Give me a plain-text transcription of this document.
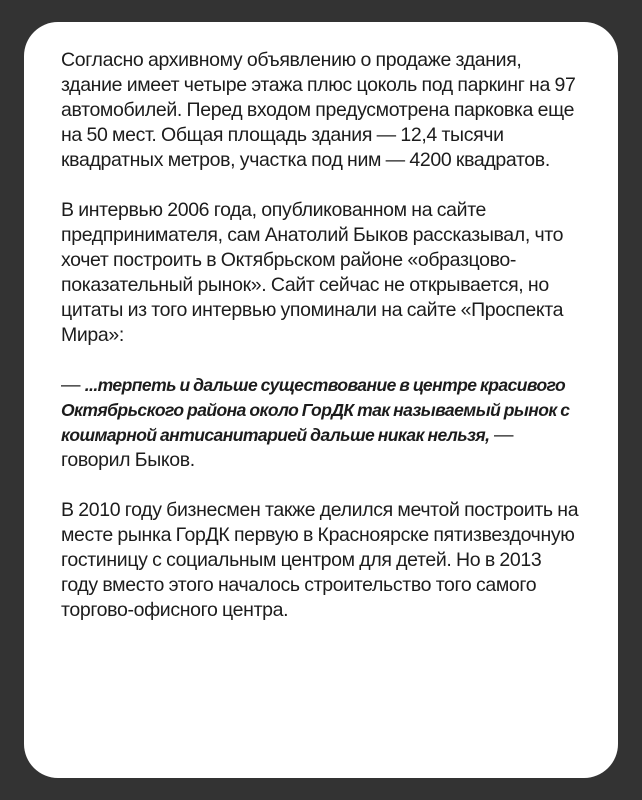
Согласно архивному объявлению о продаже здания, здание имеет четыре этажа плюс цоколь под паркинг на 97 автомобилей. Перед входом предусмотрена парковка еще на 50 мест. Общая площадь здания — 12,4 тысячи квадратных метров, участка под ним — 4200 квадратов.

В интервью 2006 года, опубликованном на сайте предпринимателя, сам Анатолий Быков рассказывал, что хочет построить в Октябрьском районе «образцово-показательный рынок». Сайт сейчас не открывается, но цитаты из того интервью упоминали на сайте «Проспекта Мира»:

— ...терпеть и дальше существование в центре красивого Октябрьского района около ГорДК так называемый рынок с кошмарной антисанитарией дальше никак нельзя, — говорил Быков.

В 2010 году бизнесмен также делился мечтой построить на месте рынка ГорДК первую в Красноярске пятизвездочную гостиницу с социальным центром для детей. Но в 2013 году вместо этого началось строительство того самого торгово-офисного центра.
